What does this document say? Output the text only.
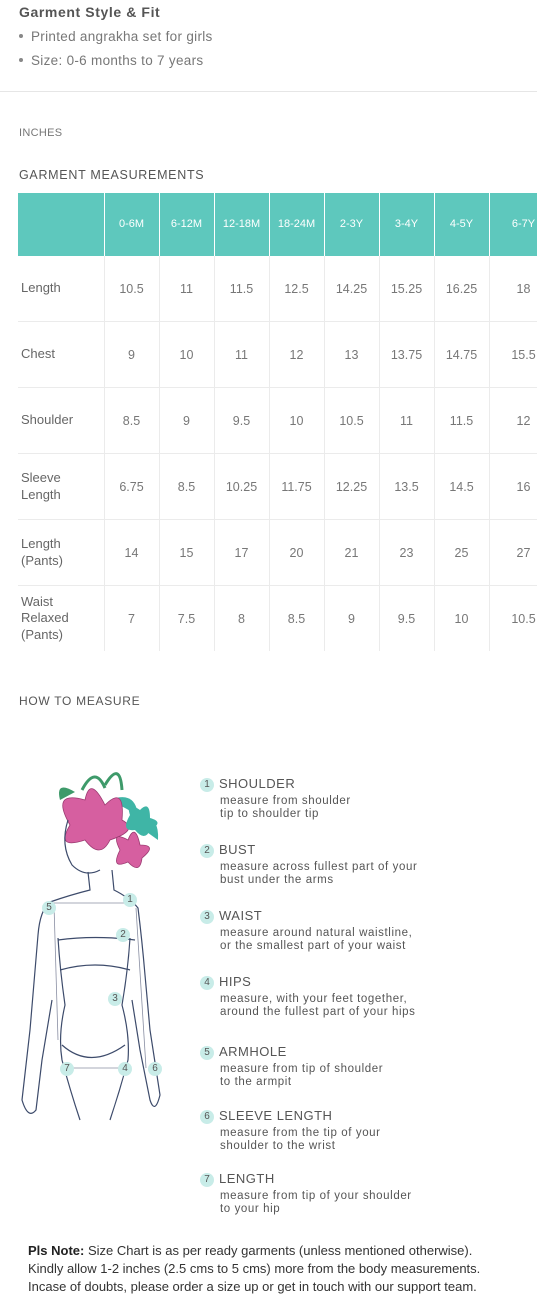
Garment Style & Fit
Printed angrakha set for girls
Size: 0-6 months to 7 years
INCHES
GARMENT MEASUREMENTS
	0-6M	6-12M	12-18M	18-24M	2-3Y	3-4Y	4-5Y	6-7Y
Length	10.5	11	11.5	12.5	14.25	15.25	16.25	18
Chest	9	10	11	12	13	13.75	14.75	15.5
Shoulder	8.5	9	9.5	10	10.5	11	11.5	12
Sleeve Length	6.75	8.5	10.25	11.75	12.25	13.5	14.5	16
Length (Pants)	14	15	17	20	21	23	25	27
Waist Relaxed (Pants)	7	7.5	8	8.5	9	9.5	10	10.5
HOW TO MEASURE
1
2
3
4
5
6
7
1 SHOULDER
measure from shoulder
tip to shoulder tip
2 BUST
measure across fullest part of your
bust under the arms
3 WAIST
measure around natural waistline,
or the smallest part of your waist
4 HIPS
measure, with your feet together,
around the fullest part of your hips
5 ARMHOLE
measure from tip of shoulder
to the armpit
6 SLEEVE LENGTH
measure from the tip of your
shoulder to the wrist
7 LENGTH
measure from tip of your shoulder
to your hip
Pls Note: Size Chart is as per ready garments (unless mentioned otherwise).
Kindly allow 1-2 inches (2.5 cms to 5 cms) more from the body measurements.
Incase of doubts, please order a size up or get in touch with our support team.
